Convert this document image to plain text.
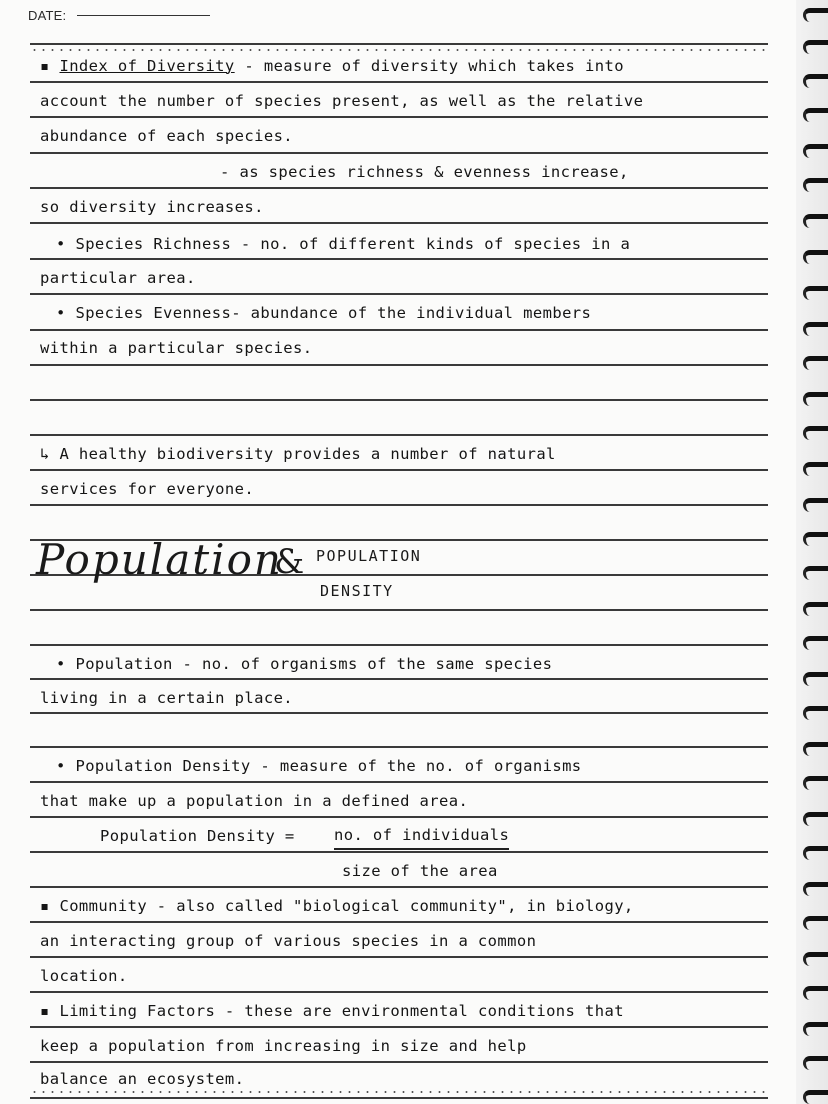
DATE:
▪ Index of Diversity - measure of diversity which takes into
account the number of species present, as well as the relative
abundance of each species.
- as species richness & evenness increase,
so diversity increases.
• Species Richness - no. of different kinds of species in a
particular area.
• Species Evenness- abundance of the individual members
within a particular species.
↳ A healthy biodiversity provides a number of natural
services for everyone.
Population
& POPULATION
DENSITY
• Population - no. of organisms of the same species
living in a certain place.
• Population Density - measure of the no. of organisms
that make up a population in a defined area.
Population Density =	no. of individuals
size of the area
▪ Community - also called "biological community", in biology,
an interacting group of various species in a common
location.
▪ Limiting Factors - these are environmental conditions that
keep a population from increasing in size and help
balance an ecosystem.
